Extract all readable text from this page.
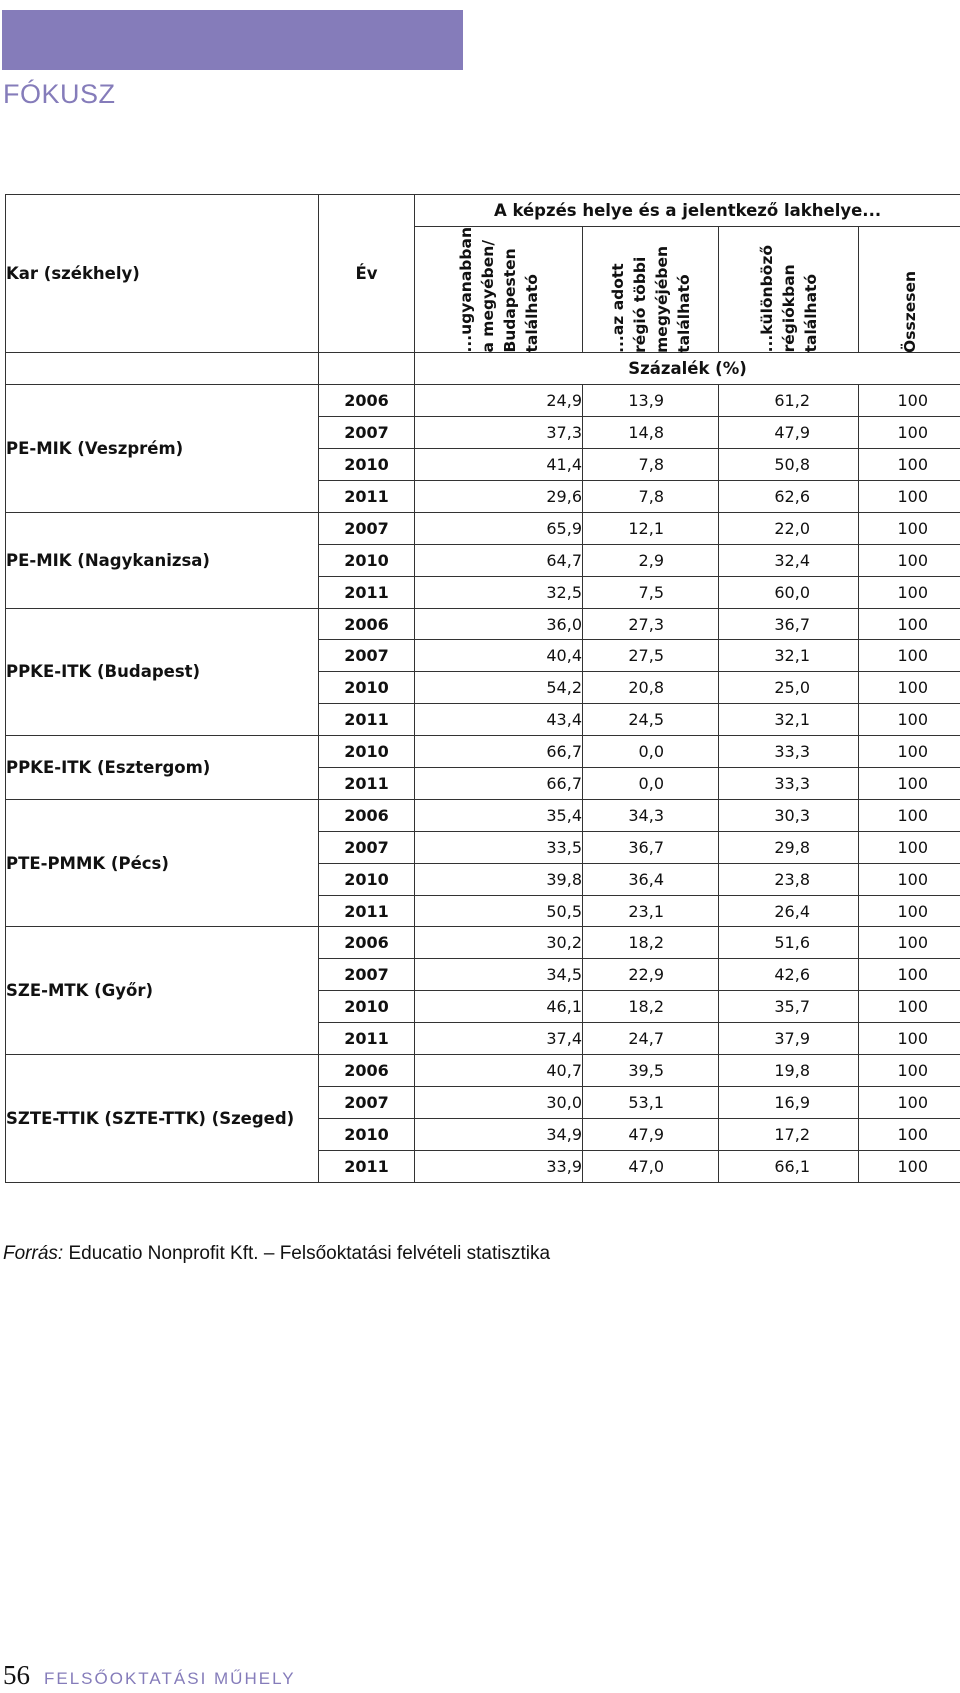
FÓKUSZ
Kar (székhely)	Év	A képzés helye és a jelentkező lakhelye...			

		...ugyanabban a megyében/ Budapesten található	...az adott régió többi megyéjében található	...különböző régiókban található	Összesen

		Százalék (%)			
PE-MIK (Veszprém)	2006	24,9	13,9	61,2	100
	2007	37,3	14,8	47,9	100
	2010	41,4	7,8	50,8	100
	2011	29,6	7,8	62,6	100
PE-MIK (Nagykanizsa)	2007	65,9	12,1	22,0	100
	2010	64,7	2,9	32,4	100
	2011	32,5	7,5	60,0	100
PPKE-ITK (Budapest)	2006	36,0	27,3	36,7	100
	2007	40,4	27,5	32,1	100
	2010	54,2	20,8	25,0	100
	2011	43,4	24,5	32,1	100
PPKE-ITK (Esztergom)	2010	66,7	0,0	33,3	100
	2011	66,7	0,0	33,3	100
PTE-PMMK (Pécs)	2006	35,4	34,3	30,3	100
	2007	33,5	36,7	29,8	100
	2010	39,8	36,4	23,8	100
	2011	50,5	23,1	26,4	100
SZE-MTK (Győr)	2006	30,2	18,2	51,6	100
	2007	34,5	22,9	42,6	100
	2010	46,1	18,2	35,7	100
	2011	37,4	24,7	37,9	100
SZTE-TTIK (SZTE-TTK) (Szeged)	2006	40,7	39,5	19,8	100
	2007	30,0	53,1	16,9	100
	2010	34,9	47,9	17,2	100
	2011	33,9	47,0	66,1	100
Forrás: Educatio Nonprofit Kft. – Felsőoktatási felvételi statisztika
56 FELSŐOKTATÁSI MŰHELY
